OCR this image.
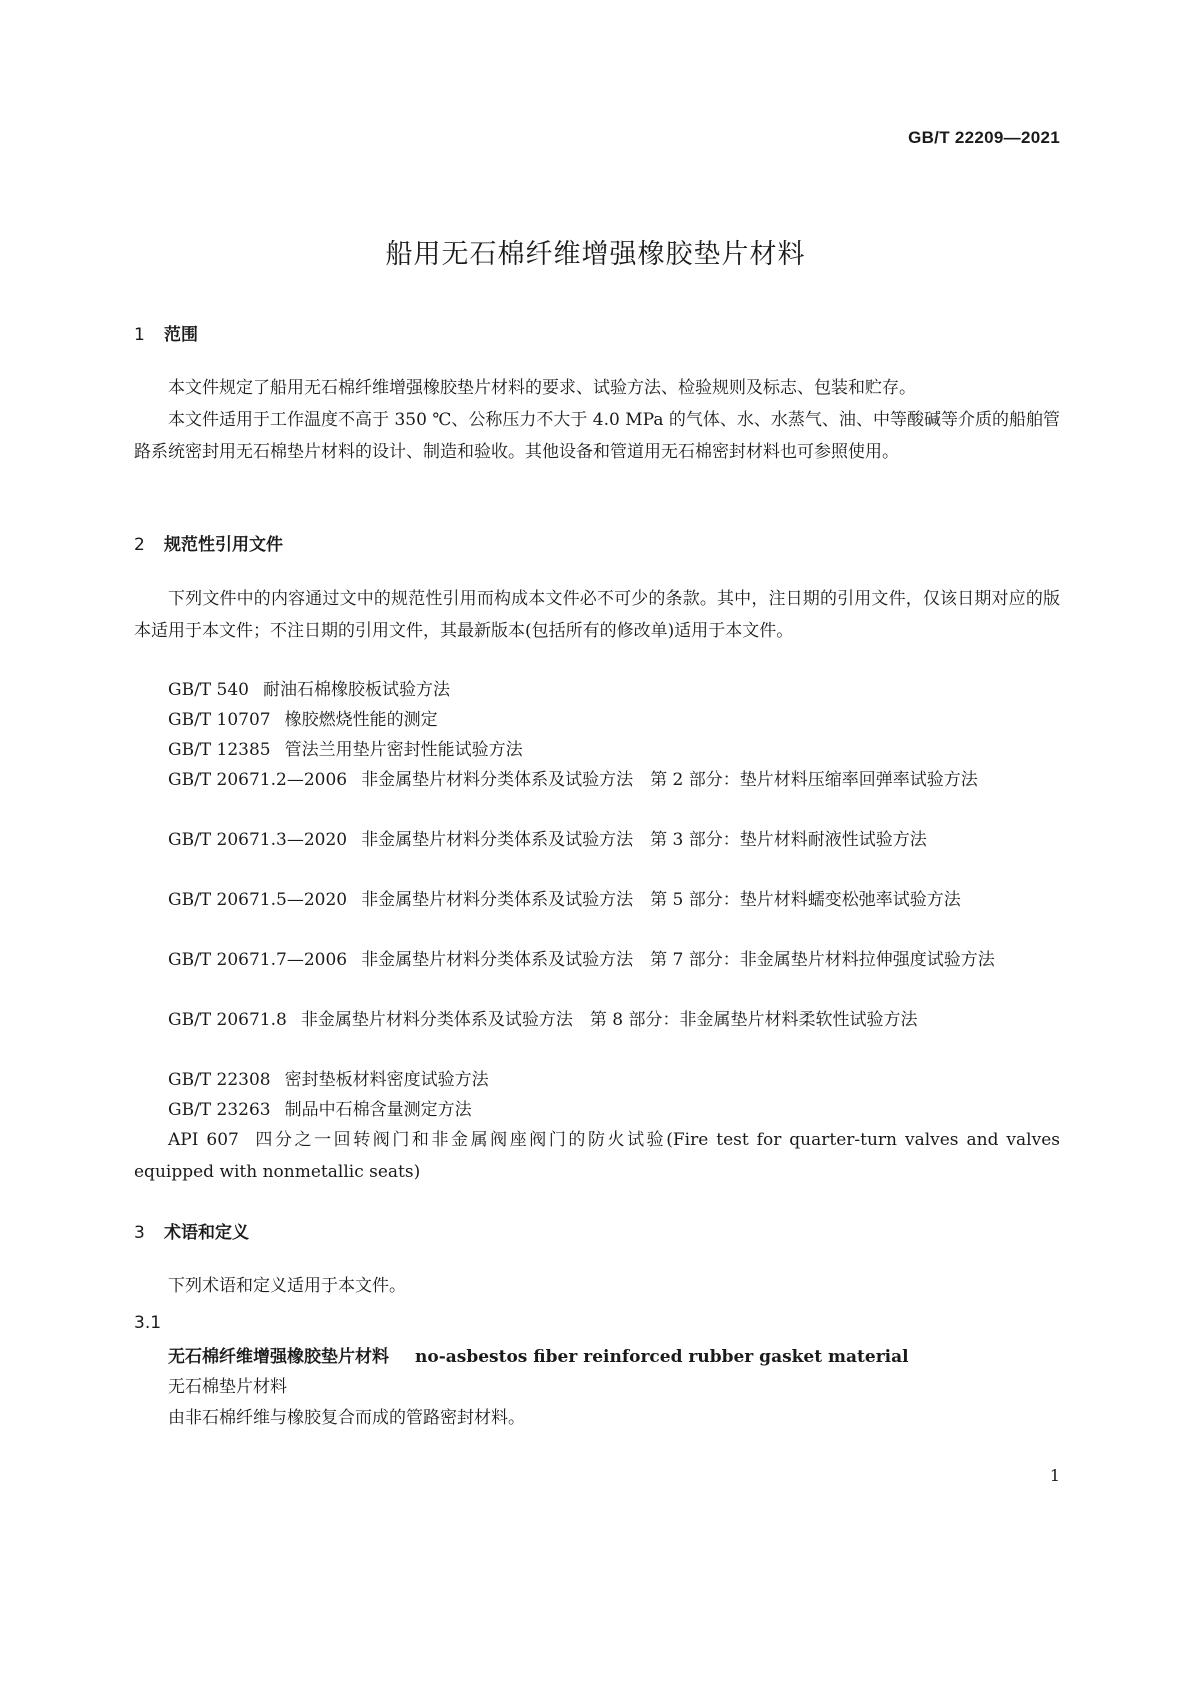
GB/T 22209—2021
船用无石棉纤维增强橡胶垫片材料
1 范围

本文件规定了船用无石棉纤维增强橡胶垫片材料的要求、试验方法、检验规则及标志、包装和贮存。

本文件适用于工作温度不高于 350 ℃、公称压力不大于 4.0 MPa 的气体、水、水蒸气、油、中等酸碱等介质的船舶管路系统密封用无石棉垫片材料的设计、制造和验收。其他设备和管道用无石棉密封材料也可参照使用。

2 规范性引用文件

下列文件中的内容通过文中的规范性引用而构成本文件必不可少的条款。其中，注日期的引用文件，仅该日期对应的版本适用于本文件；不注日期的引用文件，其最新版本(包括所有的修改单)适用于本文件。

GB/T 540 耐油石棉橡胶板试验方法
GB/T 10707 橡胶燃烧性能的测定
GB/T 12385 管法兰用垫片密封性能试验方法
GB/T 20671.2—2006 非金属垫片材料分类体系及试验方法　第 2 部分：垫片材料压缩率回弹率试验方法
GB/T 20671.3—2020 非金属垫片材料分类体系及试验方法　第 3 部分：垫片材料耐液性试验方法
GB/T 20671.5—2020 非金属垫片材料分类体系及试验方法　第 5 部分：垫片材料蠕变松弛率试验方法
GB/T 20671.7—2006 非金属垫片材料分类体系及试验方法　第 7 部分：非金属垫片材料拉伸强度试验方法
GB/T 20671.8 非金属垫片材料分类体系及试验方法　第 8 部分：非金属垫片材料柔软性试验方法
GB/T 22308 密封垫板材料密度试验方法
GB/T 23263 制品中石棉含量测定方法
API 607 四分之一回转阀门和非金属阀座阀门的防火试验(Fire test for quarter-turn valves and valves equipped with nonmetallic seats)
3 术语和定义

下列术语和定义适用于本文件。

3.1
无石棉纤维增强橡胶垫片材料 no-asbestos fiber reinforced rubber gasket material
无石棉垫片材料
由非石棉纤维与橡胶复合而成的管路密封材料。
1
